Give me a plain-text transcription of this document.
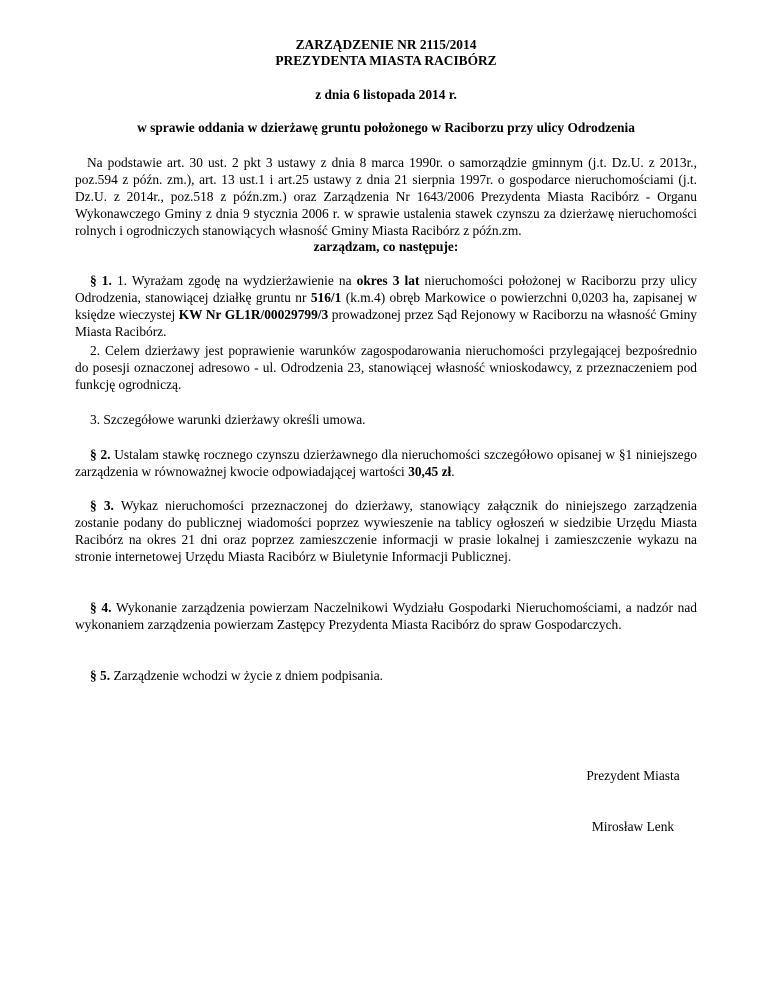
ZARZĄDZENIE NR 2115/2014
PREZYDENTA MIASTA RACIBÓRZ
z dnia 6 listopada 2014 r.
w sprawie oddania w dzierżawę gruntu położonego w Raciborzu przy ulicy Odrodzenia

Na podstawie art. 30 ust. 2 pkt 3 ustawy z dnia 8 marca 1990r. o samorządzie gminnym (j.t. Dz.U. z 2013r., poz.594 z późn. zm.), art. 13 ust.1 i art.25 ustawy z dnia 21 sierpnia 1997r. o gospodarce nieruchomościami (j.t. Dz.U. z 2014r., poz.518 z późn.zm.) oraz Zarządzenia Nr 1643/2006 Prezydenta Miasta Racibórz - Organu Wykonawczego Gminy z dnia 9 stycznia 2006 r. w sprawie ustalenia stawek czynszu za dzierżawę nieruchomości rolnych i ogrodniczych stanowiących własność Gminy Miasta Racibórz z późn.zm.

zarządzam, co następuje:

§ 1. 1. Wyrażam zgodę na wydzierżawienie na okres 3 lat nieruchomości położonej w Raciborzu przy ulicy Odrodzenia, stanowiącej działkę gruntu nr 516/1 (k.m.4) obręb Markowice o powierzchni 0,0203 ha, zapisanej w księdze wieczystej KW Nr GL1R/00029799/3 prowadzonej przez Sąd Rejonowy w Raciborzu na własność Gminy Miasta Racibórz.

2. Celem dzierżawy jest poprawienie warunków zagospodarowania nieruchomości przylegającej bezpośrednio do posesji oznaczonej adresowo - ul. Odrodzenia 23, stanowiącej własność wnioskodawcy, z przeznaczeniem pod funkcję ogrodniczą.

3. Szczegółowe warunki dzierżawy określi umowa.

§ 2. Ustalam stawkę rocznego czynszu dzierżawnego dla nieruchomości szczegółowo opisanej w §1 niniejszego zarządzenia w równoważnej kwocie odpowiadającej wartości 30,45 zł.

§ 3. Wykaz nieruchomości przeznaczonej do dzierżawy, stanowiący załącznik do niniejszego zarządzenia zostanie podany do publicznej wiadomości poprzez wywieszenie na tablicy ogłoszeń w siedzibie Urzędu Miasta Racibórz na okres 21 dni oraz poprzez zamieszczenie informacji w prasie lokalnej i zamieszczenie wykazu na stronie internetowej Urzędu Miasta Racibórz w Biuletynie Informacji Publicznej.

§ 4. Wykonanie zarządzenia powierzam Naczelnikowi Wydziału Gospodarki Nieruchomościami, a nadzór nad wykonaniem zarządzenia powierzam Zastępcy Prezydenta Miasta Racibórz do spraw Gospodarczych.

§ 5. Zarządzenie wchodzi w życie z dniem podpisania.

Prezydent Miasta
Mirosław Lenk
